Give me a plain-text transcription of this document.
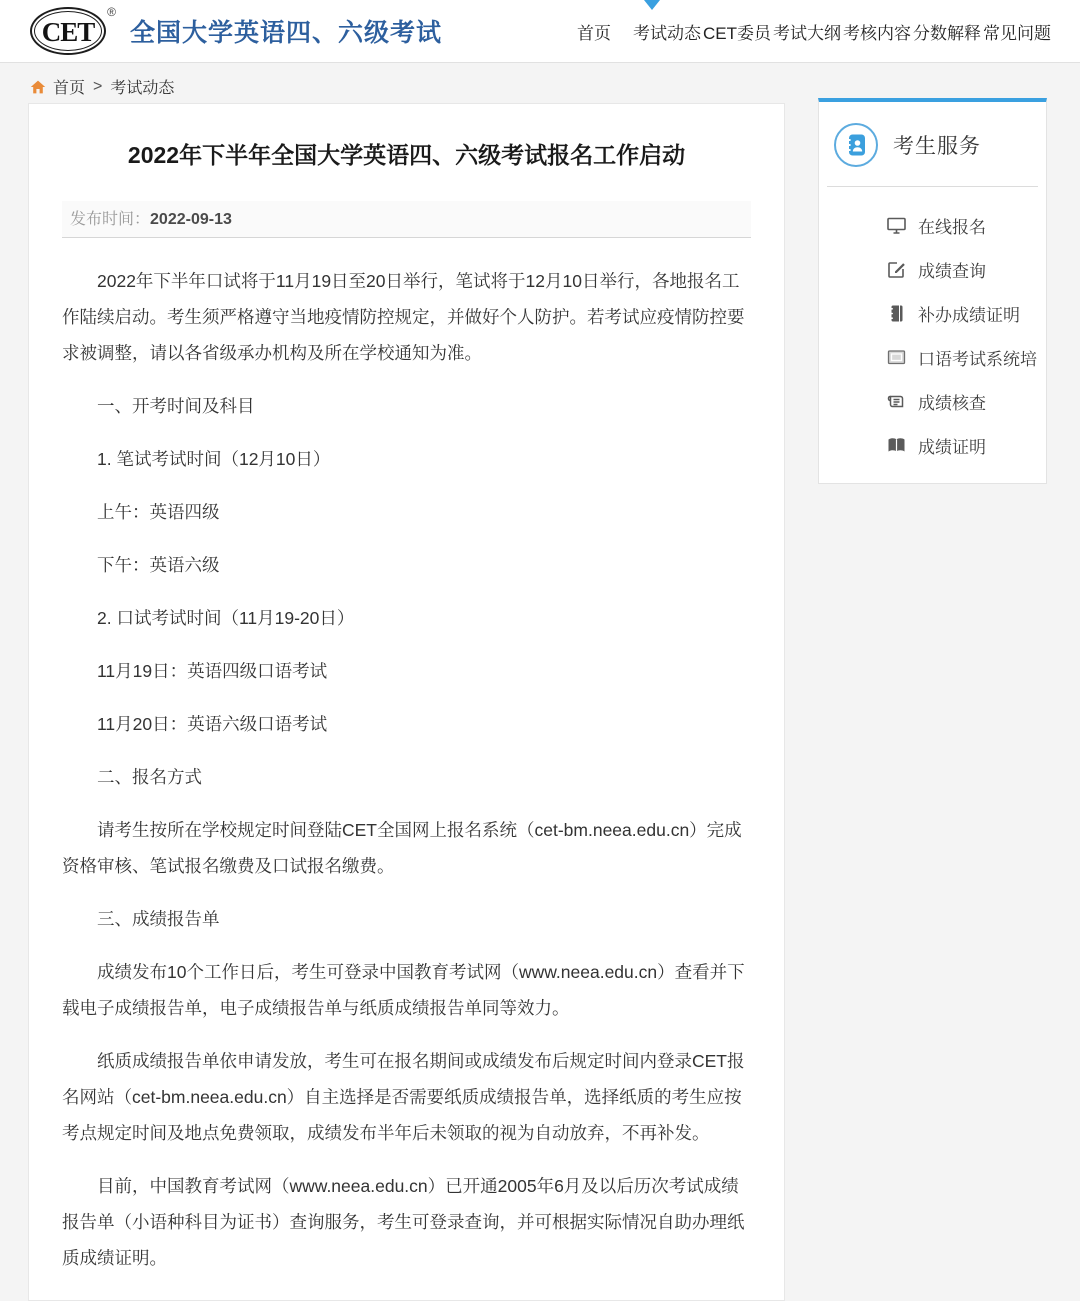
CET
®
全国大学英语四、六级考试	首页 考试动态 CET委员 考试大纲 考核内容 分数解释 常见问题
首页 > 考试动态
2022年下半年全国大学英语四、六级考试报名工作启动
发布时间：2022-09-13

2022年下半年口试将于11月19日至20日举行，笔试将于12月10日举行，各地报名工作陆续启动。考生须严格遵守当地疫情防控规定，并做好个人防护。若考试应疫情防控要求被调整，请以各省级承办机构及所在学校通知为准。

一、开考时间及科目

1. 笔试考试时间（12月10日）

上午：英语四级

下午：英语六级

2. 口试考试时间（11月19-20日）

11月19日：英语四级口语考试

11月20日：英语六级口语考试

二、报名方式

请考生按所在学校规定时间登陆CET全国网上报名系统（cet-bm.neea.edu.cn）完成资格审核、笔试报名缴费及口试报名缴费。

三、成绩报告单

成绩发布10个工作日后，考生可登录中国教育考试网（www.neea.edu.cn）查看并下载电子成绩报告单，电子成绩报告单与纸质成绩报告单同等效力。

纸质成绩报告单依申请发放，考生可在报名期间或成绩发布后规定时间内登录CET报名网站（cet-bm.neea.edu.cn）自主选择是否需要纸质成绩报告单，选择纸质的考生应按考点规定时间及地点免费领取，成绩发布半年后未领取的视为自动放弃，不再补发。

目前，中国教育考试网（www.neea.edu.cn）已开通2005年6月及以后历次考试成绩报告单（小语种科目为证书）查询服务，考生可登录查询，并可根据实际情况自助办理纸质成绩证明。

考生服务
在线报名
成绩查询
补办成绩证明
口语考试系统培
成绩核查
成绩证明
